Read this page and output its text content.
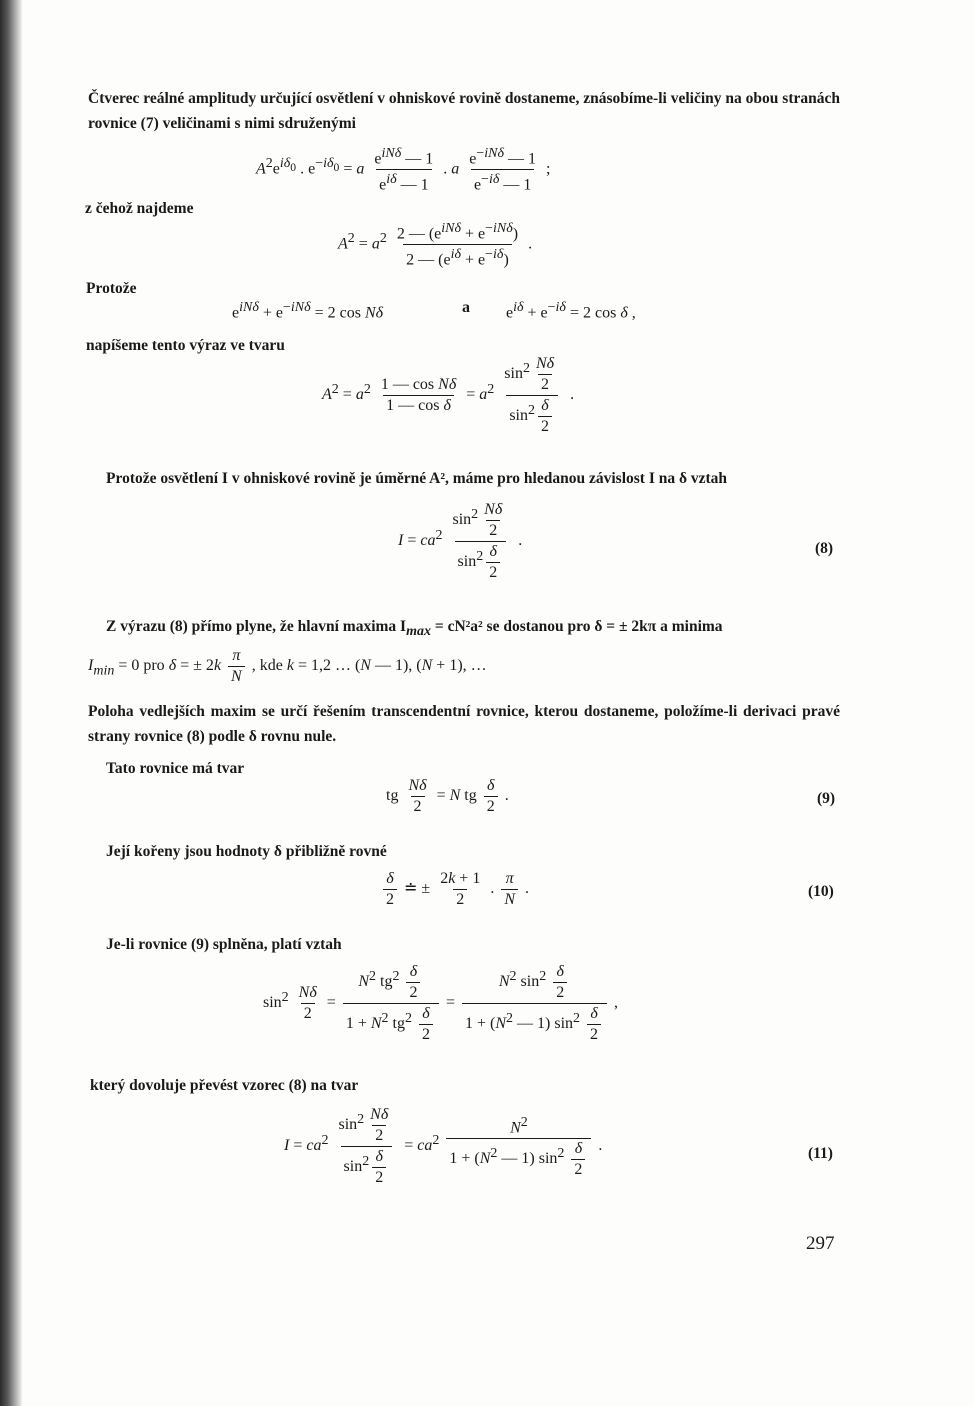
Čtverec reálné amplitudy určující osvětlení v ohniskové rovině dostaneme, znásobíme-li veličiny na obou stranách rovnice (7) veličinami s nimi sdruženými
$A^2e^{i\delta_0}$ . $e^{-i\delta_0} = a \frac{e^{iN\delta} — 1}{e^{i\delta} — 1}$ . a $\frac{e^{-iN\delta} — 1}{e^{-i\delta} — 1}$ ;
z čehož najdeme
$A^2 = a^2 \frac{2 — (e^{iN\delta} + e^{-iN\delta})}{2 — (e^{i\delta} + e^{-i\delta})}$ .
Protože
$e^{iN\delta} + e^{-iN\delta} = 2$ cos Nδ	a $e^{i\delta} + e^{-i\delta} = 2$ cos δ ,
napíšeme tento výraz ve tvaru
$A^2 = a^2 \frac{\text{1 — cos Nδ}}{\text{1 — cos δ}} = a^2 \frac{\sin^2 \frac{N\delta}{2}}{\sin^2 \frac{\delta}{2}}$ .
Protože osvětlení I v ohniskové rovině je úměrné A², máme pro hledanou závislost I na δ vztah
$I = ca^2 \frac{\sin^2 \frac{N\delta}{2}}{\sin^2 \frac{\delta}{2}}$ .	(8)
Z výrazu (8) přímo plyne, že hlavní maxima $I_{max} = cN^2a^2$ se dostanou pro δ = ± 2kπ a minima
$I_{min} = 0$ pro δ = ± $2k \frac{\pi}{N}$ , kde k = 1,2 … (N — 1), (N + 1), …
Poloha vedlejších maxim se určí řešením transcendentní rovnice, kterou dostaneme, položíme-li derivaci pravé strany rovnice (8) podle δ rovnu nule.
Tato rovnice má tvar
tg $\frac{N\delta}{2} = N$ tg $\frac{\delta}{2}$ .	(9)
Její kořeny jsou hodnoty δ přibližně rovné
$\frac{\delta}{2}$ ≐ ± $\frac{2k + 1}{2}$ . $\frac{\pi}{N}$ .	(10)
Je-li rovnice (9) splněna, platí vztah
$\sin^2 \frac{N\delta}{2} = \frac{N^2 tg^2 \frac{\delta}{2}}{1 + N^2 tg^2 \frac{\delta}{2}} = \frac{N^2 \sin^2 \frac{\delta}{2}}{1 + (N^2 — 1) \sin^2 \frac{\delta}{2}}$ ,
který dovoluje převést vzorec (8) na tvar
$I = ca^2 \frac{\sin^2 \frac{N\delta}{2}}{\sin^2 \frac{\delta}{2}} = ca^2 \frac{N^2}{1 + (N^2 — 1) \sin^2 \frac{\delta}{2}}$ .	(11)
297
